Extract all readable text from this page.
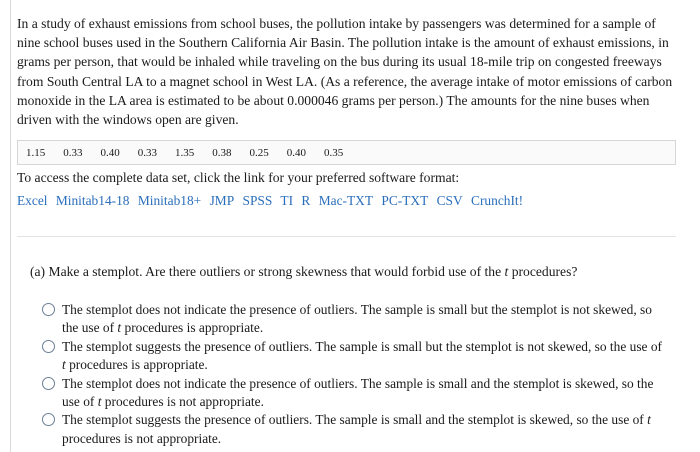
In a study of exhaust emissions from school buses, the pollution intake by passengers was determined for a sample of nine school buses used in the Southern California Air Basin. The pollution intake is the amount of exhaust emissions, in grams per person, that would be inhaled while traveling on the bus during its usual 18-mile trip on congested freeways from South Central LA to a magnet school in West LA. (As a reference, the average intake of motor emissions of carbon monoxide in the LA area is estimated to be about 0.000046 grams per person.) The amounts for the nine buses when driven with the windows open are given.
1.15 0.33 0.40 0.33 1.35 0.38 0.25 0.40 0.35
To access the complete data set, click the link for your preferred software format:
Excel Minitab14-18 Minitab18+ JMP SPSS TI R Mac-TXT PC-TXT CSV CrunchIt!
(a) Make a stemplot. Are there outliers or strong skewness that would forbid use of the t procedures?
The stemplot does not indicate the presence of outliers. The sample is small but the stemplot is not skewed, so the use of t procedures is appropriate.
The stemplot suggests the presence of outliers. The sample is small but the stemplot is not skewed, so the use of t procedures is appropriate.
The stemplot does not indicate the presence of outliers. The sample is small and the stemplot is skewed, so the use of t procedures is not appropriate.
The stemplot suggests the presence of outliers. The sample is small and the stemplot is skewed, so the use of t procedures is not appropriate.
